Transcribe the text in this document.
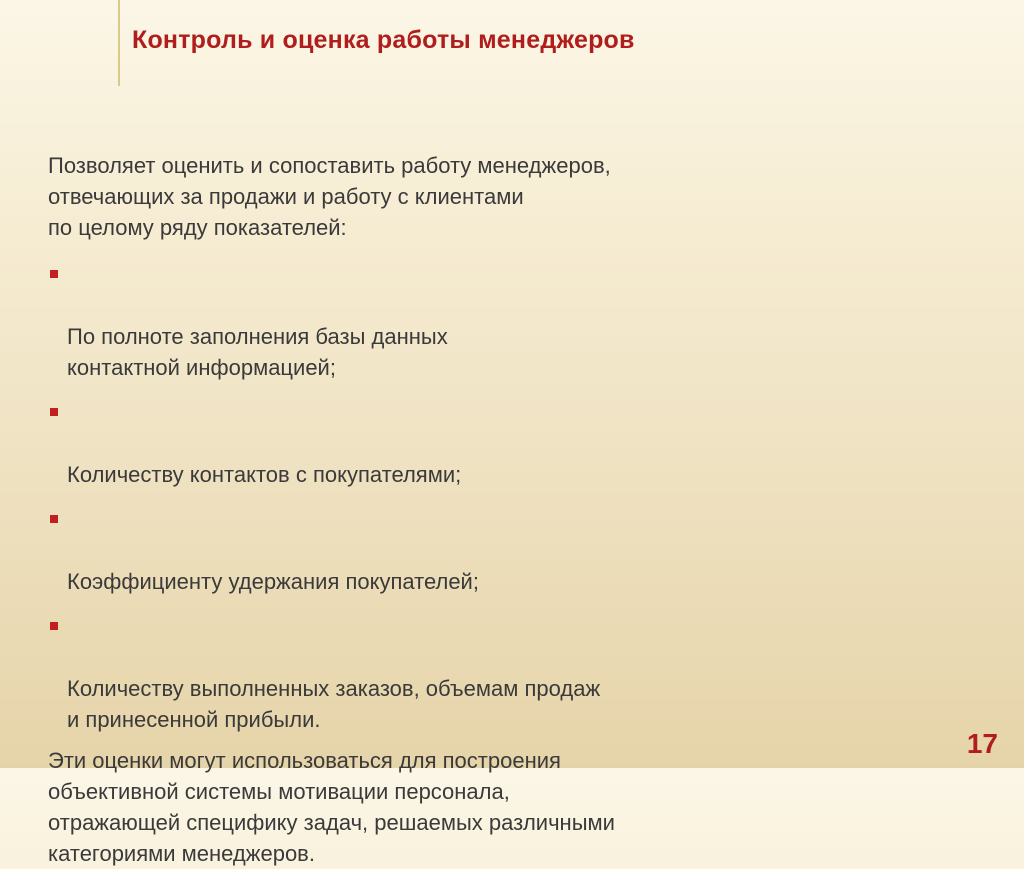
Контроль и оценка работы менеджеров

Позволяет оценить и сопоставить работу менеджеров,
отвечающих за продажи и работу с клиентами
по целому ряду показателей:

По полноте заполнения базы данных
контактной информацией;

Количеству контактов с покупателями;

Коэффициенту удержания покупателей;

Количеству выполненных заказов, объемам продаж
и принесенной прибыли.

Эти оценки могут использоваться для построения
объективной системы мотивации персонала,
отражающей специфику задач, решаемых различными
категориями менеджеров.

17
